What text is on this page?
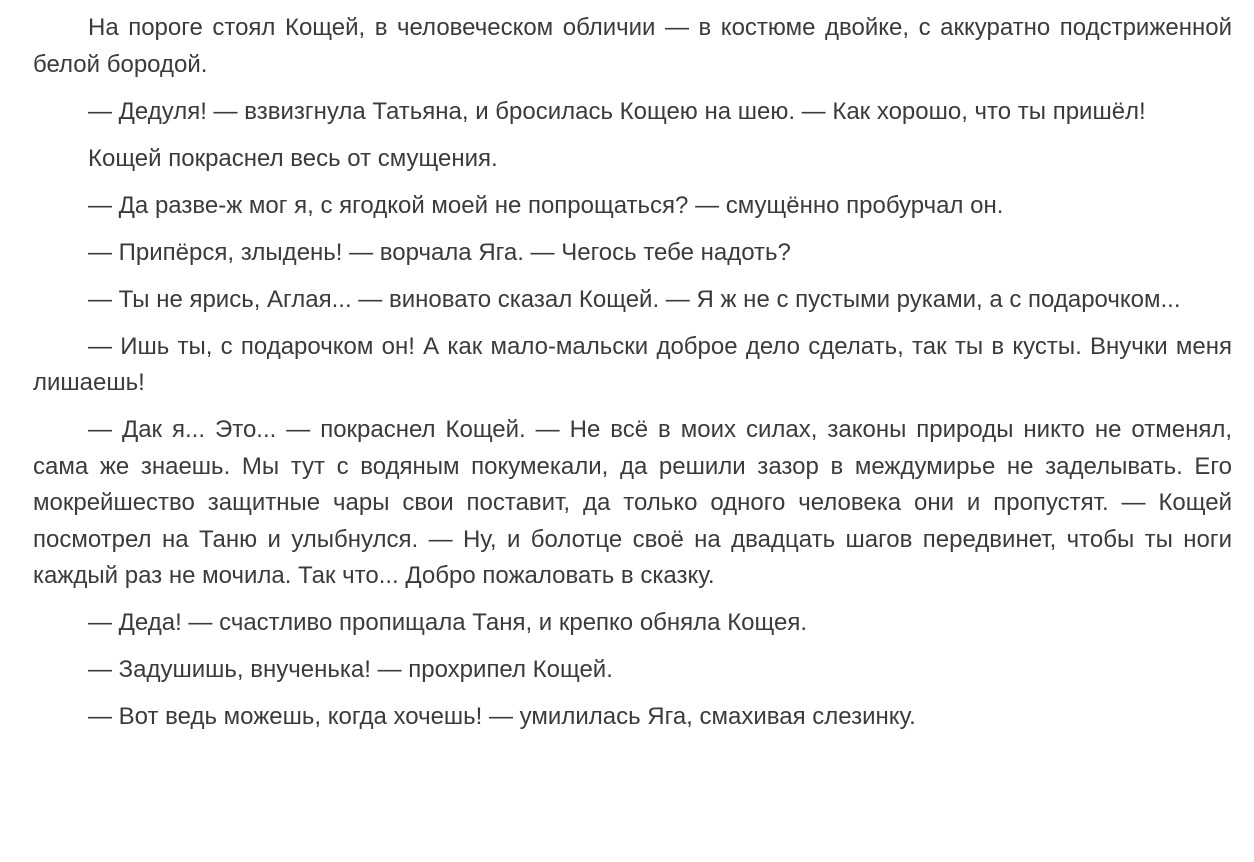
На пороге стоял Кощей, в человеческом обличии — в костюме двойке, с аккуратно подстриженной белой бородой.

— Дедуля! — взвизгнула Татьяна, и бросилась Кощею на шею. — Как хорошо, что ты пришёл!

Кощей покраснел весь от смущения.

— Да разве-ж мог я, с ягодкой моей не попрощаться? — смущённо пробурчал он.

— Припёрся, злыдень! — ворчала Яга. — Чегось тебе надоть?

— Ты не ярись, Аглая... — виновато сказал Кощей. — Я ж не с пустыми руками, а с подарочком...

— Ишь ты, с подарочком он! А как мало-мальски доброе дело сделать, так ты в кусты. Внучки меня лишаешь!

— Дак я... Это... — покраснел Кощей. — Не всё в моих силах, законы природы никто не отменял, сама же знаешь. Мы тут с водяным покумекали, да решили зазор в междумирье не заделывать. Его мокрейшество защитные чары свои поставит, да только одного человека они и пропустят. — Кощей посмотрел на Таню и улыбнулся. — Ну, и болотце своё на двадцать шагов передвинет, чтобы ты ноги каждый раз не мочила. Так что... Добро пожаловать в сказку.

— Деда! — счастливо пропищала Таня, и крепко обняла Кощея.

— Задушишь, внученька! — прохрипел Кощей.

— Вот ведь можешь, когда хочешь! — умилилась Яга, смахивая слезинку.
